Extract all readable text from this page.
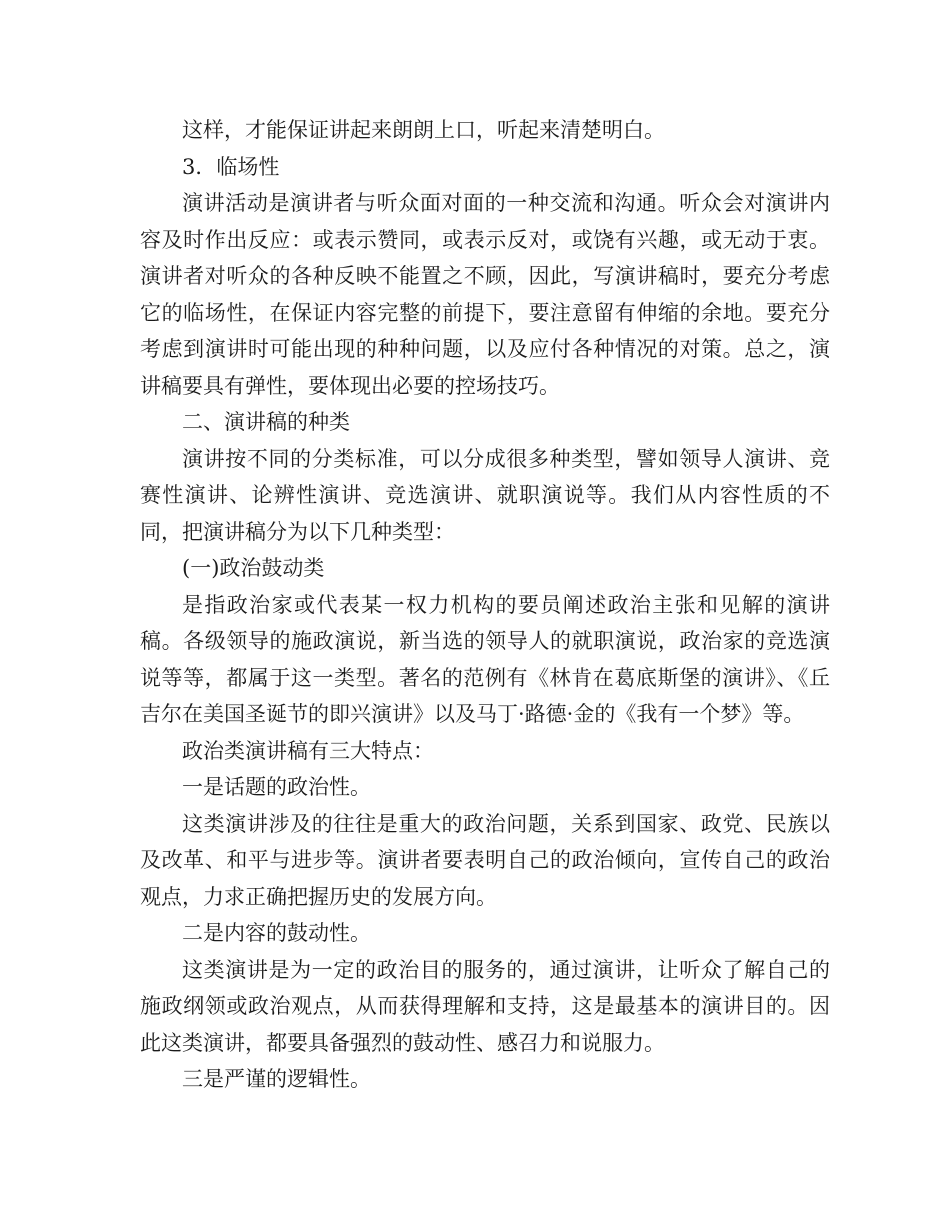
这样，才能保证讲起来朗朗上口，听起来清楚明白。

3．临场性

演讲活动是演讲者与听众面对面的一种交流和沟通。听众会对演讲内容及时作出反应：或表示赞同，或表示反对，或饶有兴趣，或无动于衷。演讲者对听众的各种反映不能置之不顾，因此，写演讲稿时，要充分考虑它的临场性，在保证内容完整的前提下，要注意留有伸缩的余地。要充分考虑到演讲时可能出现的种种问题，以及应付各种情况的对策。总之，演讲稿要具有弹性，要体现出必要的控场技巧。

二、演讲稿的种类

演讲按不同的分类标准，可以分成很多种类型，譬如领导人演讲、竞赛性演讲、论辨性演讲、竞选演讲、就职演说等。我们从内容性质的不同，把演讲稿分为以下几种类型：

(一)政治鼓动类

是指政治家或代表某一权力机构的要员阐述政治主张和见解的演讲稿。各级领导的施政演说，新当选的领导人的就职演说，政治家的竞选演说等等，都属于这一类型。著名的范例有《林肯在葛底斯堡的演讲》、《丘吉尔在美国圣诞节的即兴演讲》以及马丁·路德·金的《我有一个梦》等。

政治类演讲稿有三大特点：

一是话题的政治性。

这类演讲涉及的往往是重大的政治问题，关系到国家、政党、民族以及改革、和平与进步等。演讲者要表明自己的政治倾向，宣传自己的政治观点，力求正确把握历史的发展方向。

二是内容的鼓动性。

这类演讲是为一定的政治目的服务的，通过演讲，让听众了解自己的施政纲领或政治观点，从而获得理解和支持，这是最基本的演讲目的。因此这类演讲，都要具备强烈的鼓动性、感召力和说服力。

三是严谨的逻辑性。
